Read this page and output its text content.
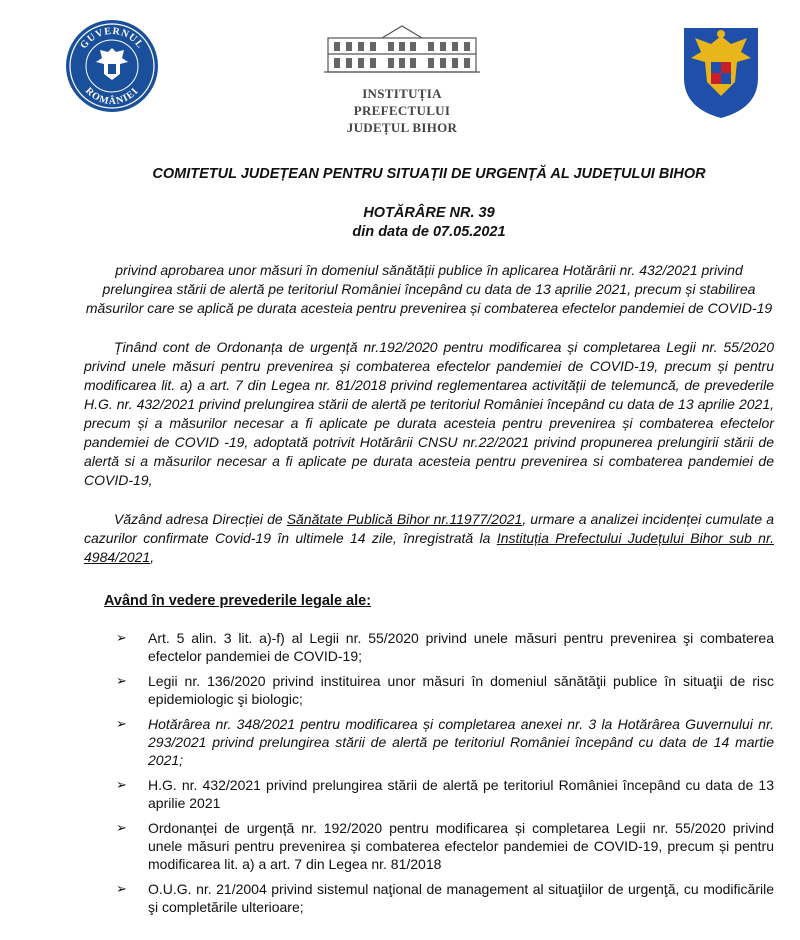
GUVERNUL
ROMÂNIEI	INSTITUȚIA PREFECTULUI
JUDEȚUL BIHOR
COMITETUL JUDEȚEAN PENTRU SITUAȚII DE URGENȚĂ AL JUDEȚULUI BIHOR
HOTĂRÂRE NR. 39
din data de 07.05.2021
privind aprobarea unor măsuri în domeniul sănătății publice în aplicarea Hotărârii nr. 432/2021 privind prelungirea stării de alertă pe teritoriul României începând cu data de 13 aprilie 2021, precum și stabilirea măsurilor care se aplică pe durata acesteia pentru prevenirea și combaterea efectelor pandemiei de COVID-19

Ținând cont de Ordonanța de urgență nr.192/2020 pentru modificarea și completarea Legii nr. 55/2020 privind unele măsuri pentru prevenirea și combaterea efectelor pandemiei de COVID-19, precum și pentru modificarea lit. a) a art. 7 din Legea nr. 81/2018 privind reglementarea activității de telemuncă, de prevederile H.G. nr. 432/2021 privind prelungirea stării de alertă pe teritoriul României începând cu data de 13 aprilie 2021, precum și a măsurilor necesar a fi aplicate pe durata acesteia pentru prevenirea și combaterea efectelor pandemiei de COVID -19, adoptată potrivit Hotărârii CNSU nr.22/2021 privind propunerea prelungirii stării de alertă si a măsurilor necesar a fi aplicate pe durata acesteia pentru prevenirea si combaterea pandemiei de COVID-19,

Văzând adresa Direcției de Sănătate Publică Bihor nr.11977/2021, urmare a analizei incidenței cumulate a cazurilor confirmate Covid-19 în ultimele 14 zile, înregistrată la Instituția Prefectului Județului Bihor sub nr. 4984/2021,

Având în vedere prevederile legale ale:
➢ Art. 5 alin. 3 lit. a)-f) al Legii nr. 55/2020 privind unele măsuri pentru prevenirea şi combaterea efectelor pandemiei de COVID-19;
➢ Legii nr. 136/2020 privind instituirea unor măsuri în domeniul sănătăţii publice în situaţii de risc epidemiologic şi biologic;
➢ Hotărârea nr. 348/2021 pentru modificarea și completarea anexei nr. 3 la Hotărârea Guvernului nr. 293/2021 privind prelungirea stării de alertă pe teritoriul României începând cu data de 14 martie 2021;
➢ H.G. nr. 432/2021 privind prelungirea stării de alertă pe teritoriul României începând cu data de 13 aprilie 2021
➢ Ordonanței de urgență nr. 192/2020 pentru modificarea și completarea Legii nr. 55/2020 privind unele măsuri pentru prevenirea și combaterea efectelor pandemiei de COVID-19, precum și pentru modificarea lit. a) a art. 7 din Legea nr. 81/2018
➢ O.U.G. nr. 21/2004 privind sistemul naţional de management al situaţiilor de urgenţă, cu modificările şi completările ulterioare;
